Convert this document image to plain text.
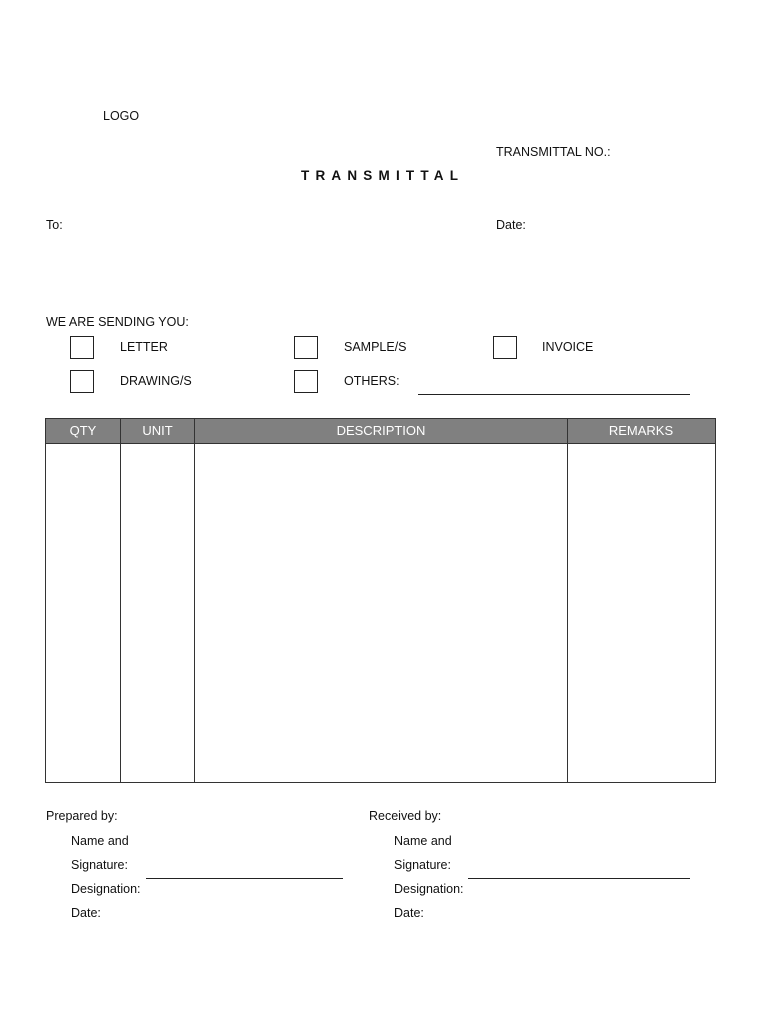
LOGO
TRANSMITTAL NO.:
TRANSMITTAL
To:	Date:
WE ARE SENDING YOU:
LETTER	SAMPLE/S	INVOICE
DRAWING/S	OTHERS:
QTY	UNIT	DESCRIPTION	REMARKS
Prepared by:
Name and
Signature:
Designation:
Date:
Received by:
Name and
Signature:
Designation:
Date:
